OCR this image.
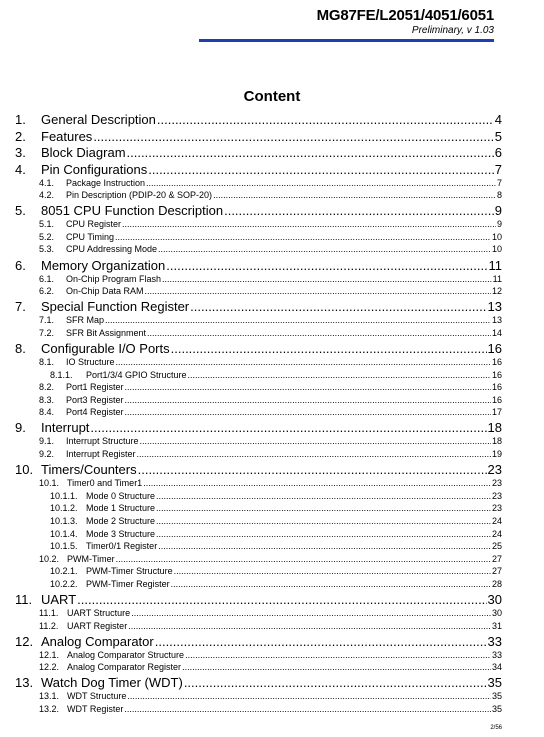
MG87FE/L2051/4051/6051
Preliminary, v 1.03
Content
1.	General Description .....	4
2.	Features .....	5
3.	Block Diagram .....	6
4.	Pin Configurations .....	7
4.1.	Package Instruction .....	7
4.2.	Pin Description (PDIP-20 & SOP-20) .....	8
5.	8051 CPU Function Description .....	9
5.1.	CPU Register .....	9
5.2.	CPU Timing .....	10
5.3.	CPU Addressing Mode .....	10
6.	Memory Organization .....	11
6.1.	On-Chip Program Flash .....	11
6.2.	On-Chip Data RAM .....	12
7.	Special Function Register .....	13
7.1.	SFR Map .....	13
7.2.	SFR Bit Assignment .....	14
8.	Configurable I/O Ports .....	16
8.1.	IO Structure .....	16
8.1.1.	Port1/3/4 GPIO Structure .....	16
8.2.	Port1 Register .....	16
8.3.	Port3 Register .....	16
8.4.	Port4 Register .....	17
9.	Interrupt .....	18
9.1.	Interrupt Structure .....	18
9.2.	Interrupt Register .....	19
10. Timers/Counters .....	23
10.1. Timer0 and Timer1 .....	23
10.1.1. Mode 0 Structure .....	23
10.1.2. Mode 1 Structure .....	23
10.1.3. Mode 2 Structure .....	24
10.1.4. Mode 3 Structure .....	24
10.1.5. Timer0/1 Register .....	25
10.2. PWM-Timer .....	27
10.2.1. PWM-Timer Structure .....	27
10.2.2. PWM-Timer Register .....	28
11. UART .....	30
11.1. UART Structure .....	30
11.2. UART Register .....	31
12. Analog Comparator .....	33
12.1. Analog Comparator Structure .....	33
12.2. Analog Comparator Register .....	34
13. Watch Dog Timer (WDT) .....	35
13.1. WDT Structure .....	35
13.2. WDT Register .....	35
2/56
